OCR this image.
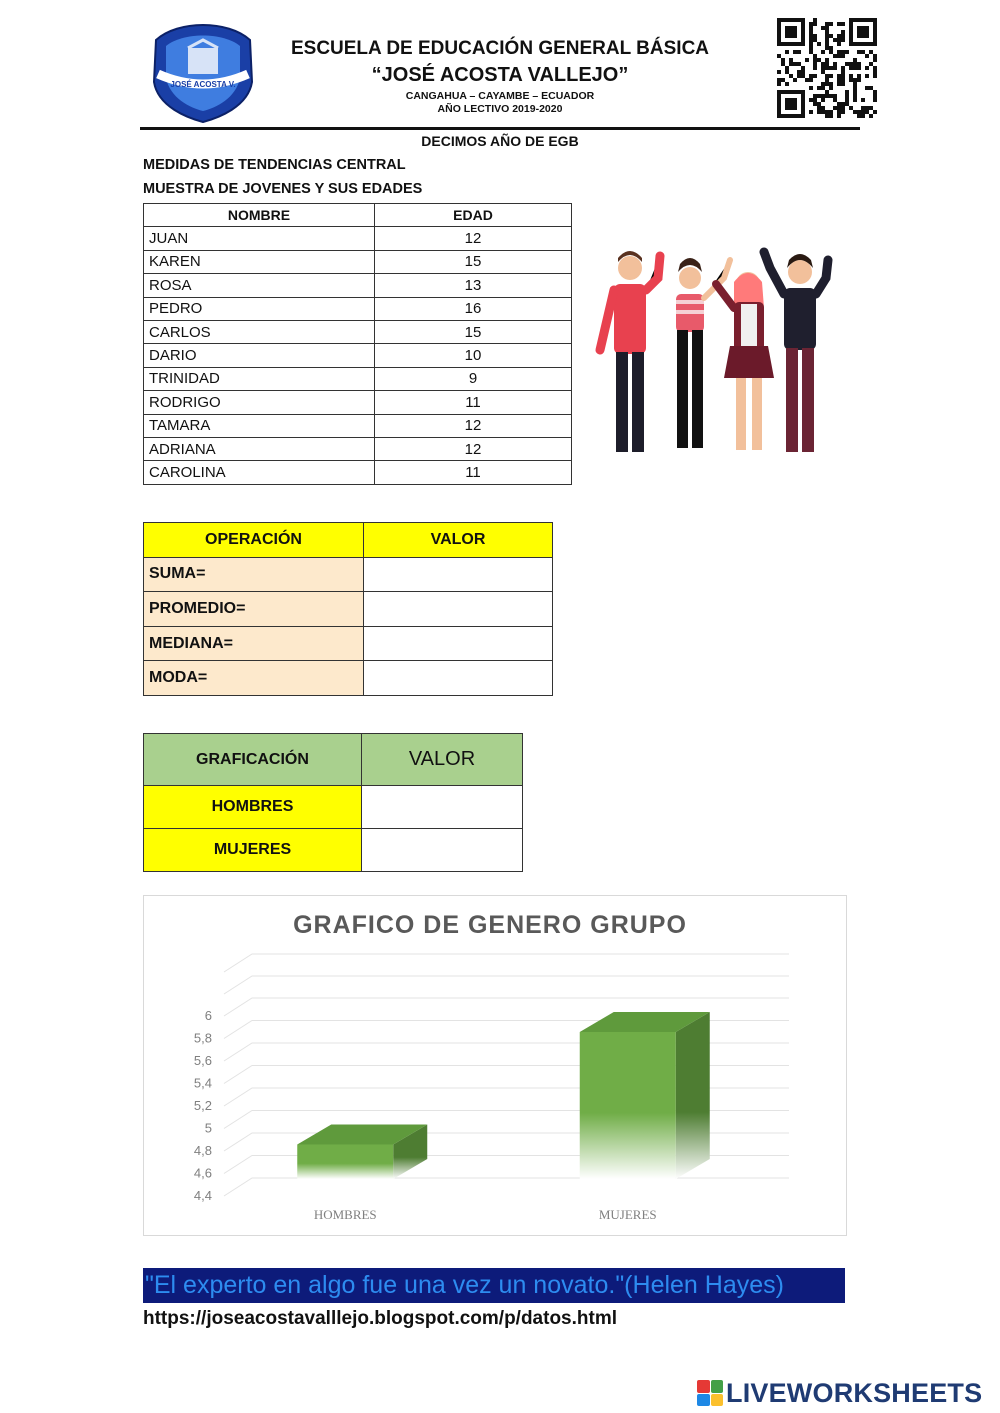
JOSÉ ACOSTA V.
ESCUELA DE EDUCACIÓN GENERAL BÁSICA
“JOSÉ ACOSTA VALLEJO”
CANGAHUA – CAYAMBE – ECUADOR
AÑO LECTIVO 2019-2020
DECIMOS AÑO DE EGB
MEDIDAS DE TENDENCIAS CENTRAL
MUESTRA DE JOVENES Y SUS EDADES
NOMBRE	EDAD
JUAN	12
KAREN	15
ROSA	13
PEDRO	16
CARLOS	15
DARIO	10
TRINIDAD	9
RODRIGO	11
TAMARA	12
ADRIANA	12
CAROLINA	11
OPERACIÓN	VALOR
SUMA=	
PROMEDIO=	
MEDIANA=	
MODA=	
GRAFICACIÓN	VALOR
HOMBRES	
MUJERES	
GRAFICO DE GENERO GRUPO
4,4
4,6
4,8
5
5,2
5,4
5,6
5,8
6
HOMBRES	MUJERES
"El experto en algo fue una vez un novato."(Helen Hayes)
https://joseacostavalllejo.blogspot.com/p/datos.html
LIVEWORKSHEETS
